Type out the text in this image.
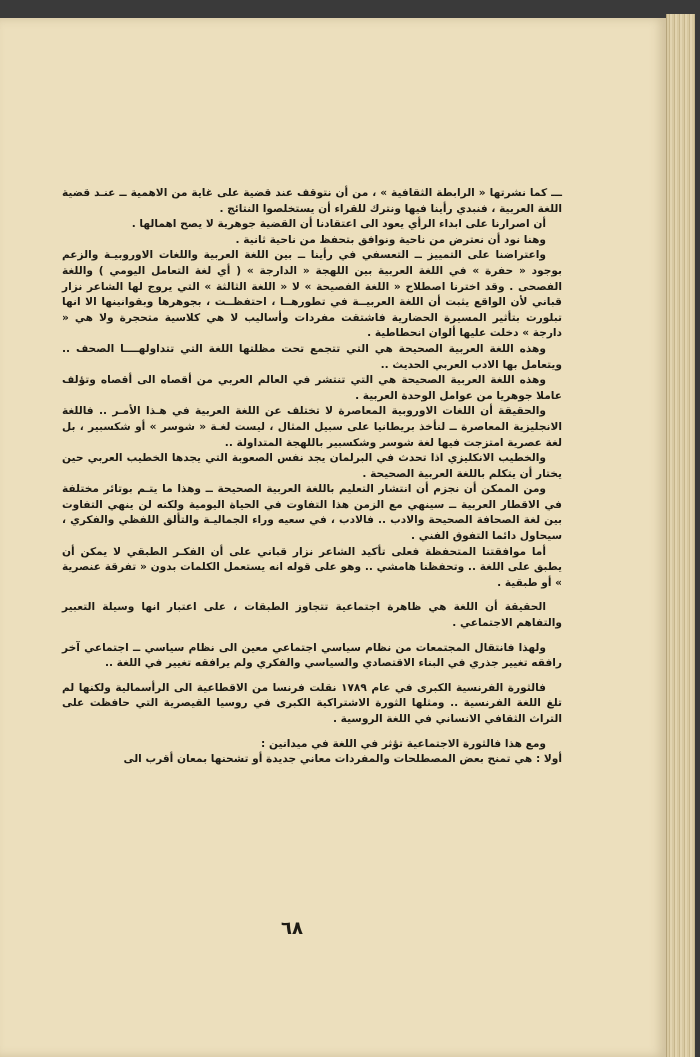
ـــ كما نشرتها « الرابطة الثقافية » ، من أن نتوقف عند قضية على غاية من الاهمية ــ عنـد قضية اللغة العربية ، فنبدي رأينا فيها ونترك للقراء أن يستخلصوا النتائج .

أن اصرارنا على ابداء الرأي يعود الى اعتقادنا أن القضية جوهرية لا يصح اهمالها .

وهنا نود أن نعترض من ناحية ونوافق بتحفظ من ناحية ثانية .

واعتراضنا على التمييز ــ التعسفي في رأينا ــ بين اللغة العربية واللغات الاوروبيـة والزعم بوجود « حفرة » في اللغة العربية بين اللهجة « الدارجة » ( أي لغة التعامل اليومي ) واللغة الفصحى . وقد اخترنا اصطلاح « اللغة الفصيحة » لا « اللغة الثالثة » التي يروج لها الشاعر نزار قباني لأن الواقع يثبت أن اللغة العربيــة في تطورهــا ، احتفظــت ، بجوهرها وبقوانينها الا انها تبلورت بتأثير المسيرة الحضارية فاشتقت مفردات وأساليب لا هي كلاسية متحجرة ولا هي « دارجة » دخلت عليها ألوان انحطاطية .

وهذه اللغة العربية الصحيحة هي التي تتجمع تحت مظلتها اللغة التي تتداولهــــا الصحف .. ويتعامل بها الادب العربي الحديث ..

وهذه اللغة العربية الصحيحة هي التي تنتشر في العالم العربي من أقصاه الى أقصاه وتؤلف عاملا جوهريا من عوامل الوحدة العربية .

والحقيقة أن اللغات الاوروبية المعاصرة لا تختلف عن اللغة العربية في هـذا الأمـر .. فاللغة الانجليزية المعاصرة ــ لنأخذ بريطانيا على سبيل المثال ، ليست لغـة « شوسر » أو شكسبير ، بل لغة عصرية امتزجت فيها لغة شوسر وشكسبير باللهجة المتداولة ..

والخطيب الانكليزي اذا تحدث في البرلمان يجد نفس الصعوبة التي يجدها الخطيب العربي حين يختار أن يتكلم باللغة العربية الصحيحة .

ومن الممكن أن نجزم أن انتشار التعليم باللغة العربية الصحيحة ــ وهذا ما يتـم بوتائر مختلفة في الاقطار العربية ــ سينهي مع الزمن هذا التفاوت في الحياة اليومية ولكنه لن ينهي التفاوت بين لغة الصحافة الصحيحة والادب .. فالادب ، في سعيه وراء الجماليـة والتألق اللفظي والفكري ، سيحاول دائما التفوق الفني .

أما موافقتنا المتحفظة فعلى تأكيد الشاعر نزار قباني على أن الفكـر الطبقي لا يمكن أن يطبق على اللغة .. وتحفظنا هامشي .. وهو على قوله انه يستعمل الكلمات بدون « تفرقة عنصرية » أو طبقية .

الحقيقة أن اللغة هي ظاهرة اجتماعية تتجاوز الطبقات ، على اعتبار انها وسيلة التعبير والتفاهم الاجتماعي .

ولهذا فانتقال المجتمعات من نظام سياسي اجتماعي معين الى نظام سياسي ــ اجتماعي آخر رافقه تغيير جذري في البناء الاقتصادي والسياسي والفكري ولم يرافقه تغيير في اللغة ..

فالثورة الفرنسية الكبرى في عام ١٧٨٩ نقلت فرنسا من الاقطاعية الى الرأسمالية ولكنها لم تلغ اللغة الفرنسية .. ومثلها الثورة الاشتراكية الكبرى في روسيا القيصرية التي حافظت على التراث الثقافي الانساني في اللغة الروسية .

ومع هذا فالثورة الاجتماعية تؤثر في اللغة في ميدانين :

أولا : هي تمنح بعض المصطلحات والمفردات معاني جديدة أو تشحنها بمعان أقرب الى

٦٨
